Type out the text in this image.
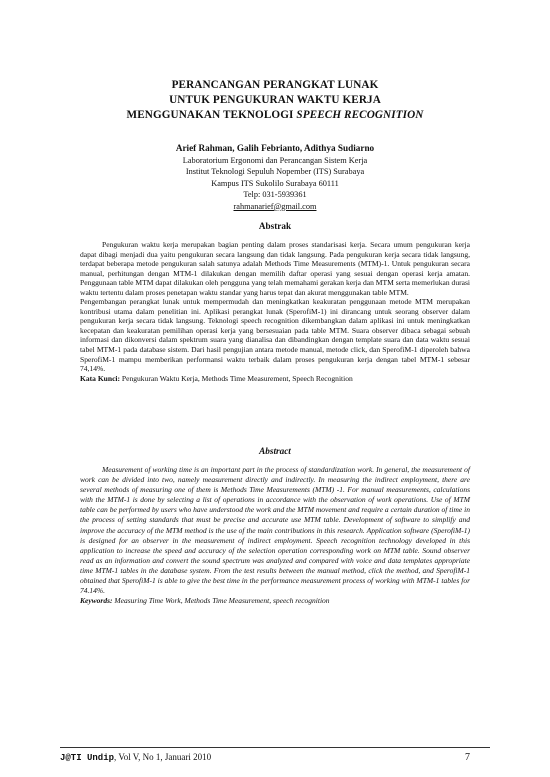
PERANCANGAN PERANGKAT LUNAK
UNTUK PENGUKURAN WAKTU KERJA
MENGGUNAKAN TEKNOLOGI SPEECH RECOGNITION
Arief Rahman, Galih Febrianto, Adithya Sudiarno
Laboratorium Ergonomi dan Perancangan Sistem Kerja
Institut Teknologi Sepuluh Nopember (ITS) Surabaya
Kampus ITS Sukolilo Surabaya 60111
Telp: 031-5939361
rahmanarief@gmail.com
Abstrak

Pengukuran waktu kerja merupakan bagian penting dalam proses standarisasi kerja. Secara umum pengukuran kerja dapat dibagi menjadi dua yaitu pengukuran secara langsung dan tidak langsung. Pada pengukuran kerja secara tidak langsung, terdapat beberapa metode pengukuran salah satunya adalah Methods Time Measurements (MTM)-1. Untuk pengukuran secara manual, perhitungan dengan MTM-1 dilakukan dengan memilih daftar operasi yang sesuai dengan operasi kerja amatan. Penggunaan table MTM dapat dilakukan oleh pengguna yang telah memahami gerakan kerja dan MTM serta memerlukan durasi waktu tertentu dalam proses penetapan waktu standar yang harus tepat dan akurat menggunakan table MTM.

Pengembangan perangkat lunak untuk mempermudah dan meningkatkan keakuratan penggunaan metode MTM merupakan kontribusi utama dalam penelitian ini. Aplikasi perangkat lunak (SperofiM-1) ini dirancang untuk seorang observer dalam pengukuran kerja secara tidak langsung. Teknologi speech recognition dikembangkan dalam aplikasi ini untuk meningkatkan kecepatan dan keakuratan pemilihan operasi kerja yang bersesuaian pada table MTM. Suara observer dibaca sebagai sebuah informasi dan dikonversi dalam spektrum suara yang dianalisa dan dibandingkan dengan template suara dan data waktu sesuai tabel MTM-1 pada database sistem. Dari hasil pengujian antara metode manual, metode click, dan SperofiM-1 diperoleh bahwa SperofiM-1 mampu memberikan performansi waktu terbaik dalam proses pengukuran kerja dengan tabel MTM-1 sebesar 74,14%.

Kata Kunci: Pengukuran Waktu Kerja, Methods Time Measurement, Speech Recognition

Abstract

Measurement of working time is an important part in the process of standardization work. In general, the measurement of work can be divided into two, namely measurement directly and indirectly. In measuring the indirect employment, there are several methods of measuring one of them is Methods Time Measurements (MTM) -1. For manual measurements, calculations with the MTM-1 is done by selecting a list of operations in accordance with the observation of work operations. Use of MTM table can be performed by users who have understood the work and the MTM movement and require a certain duration of time in the process of setting standards that must be precise and accurate use MTM table. Development of software to simplify and improve the accuracy of the MTM method is the use of the main contributions in this research. Application software (SperofiM-1) is designed for an observer in the measurement of indirect employment. Speech recognition technology developed in this application to increase the speed and accuracy of the selection operation corresponding work on MTM table. Sound observer read as an information and convert the sound spectrum was analyzed and compared with voice and data templates appropriate time MTM-1 tables in the database system. From the test results between the manual method, click the method, and SperofiM-1 obtained that SperofiM-1 is able to give the best time in the performance measurement process of working with MTM-1 tables for 74.14%.

Keywords: Measuring Time Work, Methods Time Measurement, speech recognition
J@TI Undip, Vol V, No 1, Januari 2010	7
